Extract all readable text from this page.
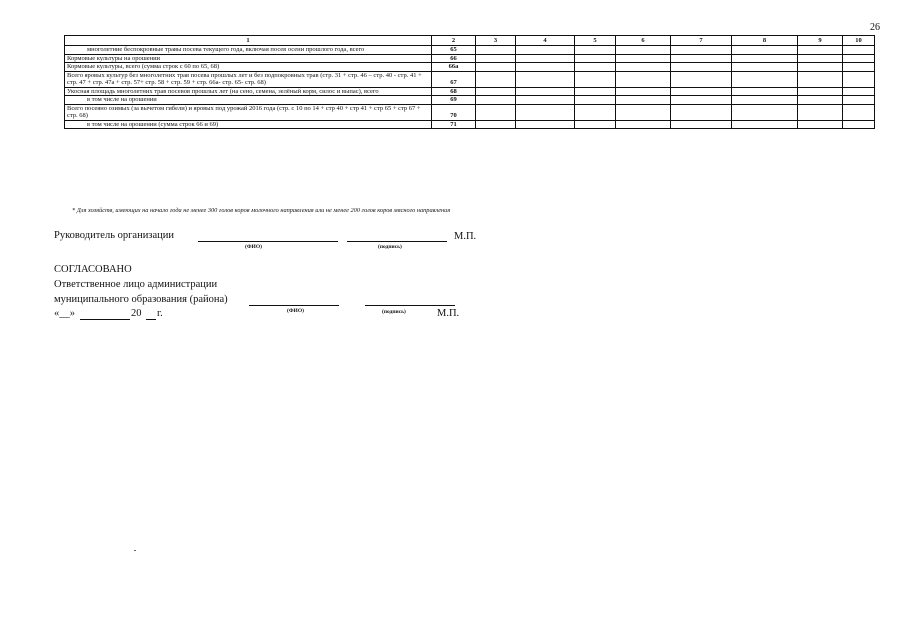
26
1	2	3	4	5	6	7	8	9	10
многолетние беспокровные травы посева текущего года, включая посев осени прошлого года, всего	65								
Кормовые культуры на орошении	66								
Кормовые культуры, всего (сумма строк с 60 по 65, 68)	66а								
Всего яровых культур без многолетних трав посева прошлых лет и без подпокровных трав (стр. 31 + стр. 46 – стр. 40 - стр. 41 + стр. 47 + стр. 47а + стр. 57+ стр. 58 + стр. 59 + стр. 66а- стр. 65- стр. 68)	67								
Укосная площадь многолетних трав посевов прошлых лет (на сено, семена, зелёный корм, силос и выпас), всего	68								
в том числе на орошении	69								
Всего посеяно озимых (за вычетом гибели) и яровых под урожай 2016 года (стр. с 10 по 14 + стр 40 + стр 41 + стр 65 + стр 67 + стр. 68)	70								
в том числе на орошении (сумма строк 66 и 69)	71								
* Для хозяйств, имеющих на начало года не менее 300 голов коров молочного направления или не менее 200 голов коров мясного направления
Руководитель организации
(ФИО)	(подпись)
М.П.
СОГЛАСОВАНО
Ответственное лицо администрации
муниципального образования (района)
«__»	20 г.	(ФИО)	(подпись)	М.П.
